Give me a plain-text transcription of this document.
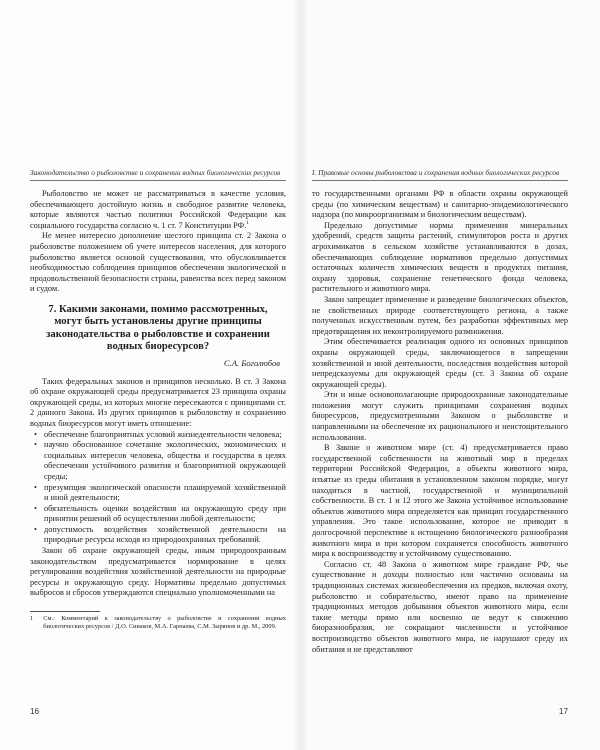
Законодательство о рыболовстве и сохранении водных биологических ресурсов

Рыболовство не может не рассматриваться в качестве условия, обеспечивающего достойную жизнь и свободное развитие человека, которые являются частью политики Российской Федерации как социального государства согласно ч. 1 ст. 7 Конституции РФ.$^1$

Не менее интересно дополнение шестого принципа ст. 2 Закона о рыболовстве положением об учете интересов населения, для которого рыболовство является основой существования, что обусловливается необходимостью соблюдения принципов обеспечения экологической и продовольственной безопасности страны, равенства всех перед законом и судом.

7. Какими законами, помимо рассмотренных, могут быть установлены другие принципы законодательства о рыболовстве и сохранении водных биоресурсов?
С.А. Боголюбов

Таких федеральных законов и принципов несколько. В ст. 3 Закона об охране окружающей среды предусматривается 23 принципа охраны окружающей среды, из которых многие пересекаются с принципами ст. 2 данного Закона. Из других принципов к рыболовству и сохранению водных биоресурсов могут иметь отношение:

• обеспечение благоприятных условий жизнедеятельности человека;
• научно обоснованное сочетание экологических, экономических и социальных интересов человека, общества и государства в целях обеспечения устойчивого развития и благоприятной окружающей среды;
• презумпция экологической опасности планируемой хозяйственной и иной деятельности;
• обязательность оценки воздействия на окружающую среду при принятии решений об осуществлении любой деятельности;
• допустимость воздействия хозяйственной деятельности на природные ресурсы исходя из природоохранных требований.

Закон об охране окружающей среды, иным природоохранным законодательством предусматривается нормирование в целях регулирования воздействия хозяйственной деятельности на природные ресурсы и окружающую среду. Нормативы предельно допустимых выбросов и сбросов утверждаются специально уполномоченными на

1 См.: Комментарий к законодательству о рыболовстве и сохранении водных биологических ресурсов / Д.О. Сиваков, М.А. Гарнаева, С.М. Зырянов и др. М., 2009.
16
I. Правовые основы рыболовства и сохранения водных биологических ресурсов

то государственными органами РФ в области охраны окружающей среды (по химическим веществам) и санитарно-эпидемиологического надзора (по микроорганизмам и биологическим веществам).

Предельно допустимые нормы применения минеральных удобрений, средств защиты растений, стимуляторов роста и других агрохимикатов в сельском хозяйстве устанавливаются в дозах, обеспечивающих соблюдение нормативов предельно допустимых остаточных количеств химических веществ в продуктах питания, охрану здоровья, сохранение генетического фонда человека, растительного и животного мира.

Закон запрещает применение и разведение биологических объектов, не свойственных природе соответствующего региона, а также полученных искусственным путем, без разработки эффективных мер предотвращения их неконтролируемого размножения.

Этим обеспечивается реализация одного из основных принципов охраны окружающей среды, заключающегося в запрещении хозяйственной и иной деятельности, последствия воздействия которой непредсказуемы для окружающей среды (ст. 3 Закона об охране окружающей среды).

Эти и иные основополагающие природоохранные законодательные положения могут служить принципами сохранения водных биоресурсов, предусмотренными Законом о рыболовстве и направленными на обеспечение их рационального и неистощительного использования.

В Законе о животном мире (ст. 4) предусматривается право государственной собственности на животный мир в пределах территории Российской Федерации, а объекты животного мира, изъятые из среды обитания в установленном законом порядке, могут находиться в частной, государственной и муниципальной собственности. В ст. 1 и 12 этого же Закона устойчивое использование объектов животного мира определяется как принцип государственного управления. Это такое использование, которое не приводит в долгосрочной перспективе к истощению биологического разнообразия животного мира и при котором сохраняется способность животного мира к воспроизводству и устойчивому существованию.

Согласно ст. 48 Закона о животном мире граждане РФ, чье существование и доходы полностью или частично основаны на традиционных системах жизнеобеспечения их предков, включая охоту, рыболовство и собирательство, имеют право на применение традиционных методов добывания объектов животного мира, если такие методы прямо или косвенно не ведут к снижению биоразнообразия, не сокращают численности и устойчивое воспроизводство объектов животного мира, не нарушают среду их обитания и не представляют

17
